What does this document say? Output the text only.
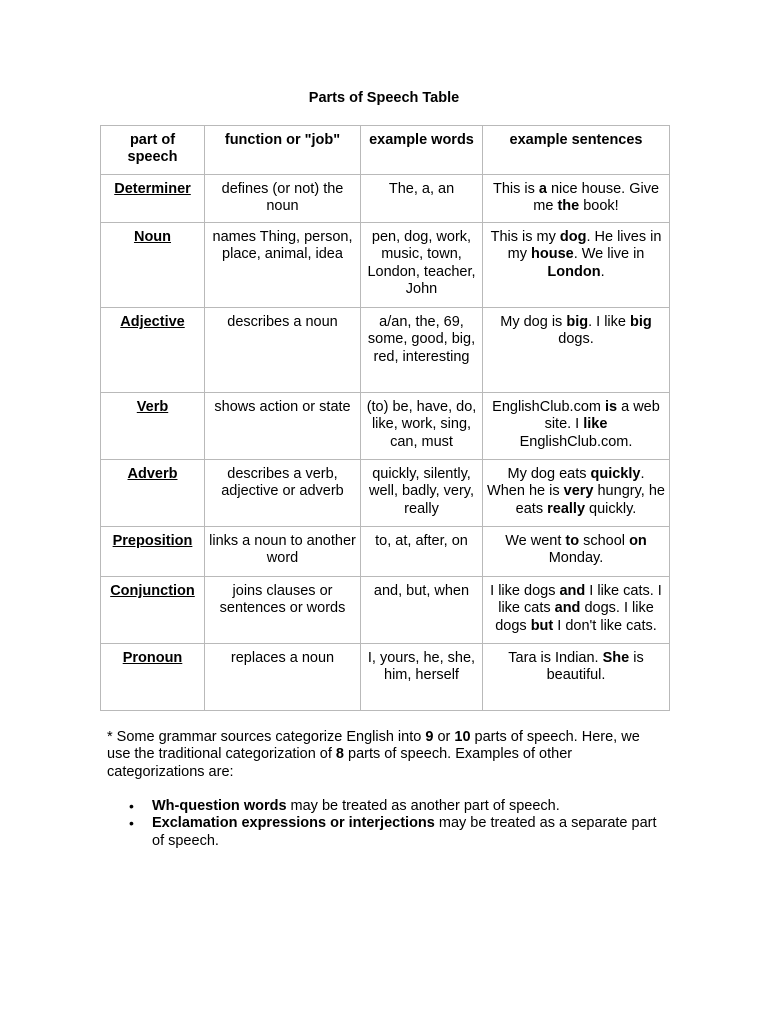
Parts of Speech Table
part of speech	function or "job"	example words	example sentences
Determiner	defines (or not) the noun	The, a, an	This is a nice house. Give me the book!
Noun	names Thing, person, place, animal, idea	pen, dog, work, music, town, London, teacher, John	This is my dog. He lives in my house. We live in London.
Adjective	describes a noun	a/an, the, 69, some, good, big, red, interesting	My dog is big. I like big dogs.
Verb	shows action or state	(to) be, have, do, like, work, sing, can, must	EnglishClub.com is a web site. I like EnglishClub.com.
Adverb	describes a verb, adjective or adverb	quickly, silently, well, badly, very, really	My dog eats quickly. When he is very hungry, he eats really quickly.
Preposition	links a noun to another word	to, at, after, on	We went to school on Monday.
Conjunction	joins clauses or sentences or words	and, but, when	I like dogs and I like cats. I like cats and dogs. I like dogs but I don't like cats.
Pronoun	replaces a noun	I, yours, he, she, him, herself	Tara is Indian. She is beautiful.
* Some grammar sources categorize English into 9 or 10 parts of speech. Here, we use the traditional categorization of 8 parts of speech. Examples of other categorizations are:
• Wh-question words may be treated as another part of speech.
• Exclamation expressions or interjections may be treated as a separate part of speech.
